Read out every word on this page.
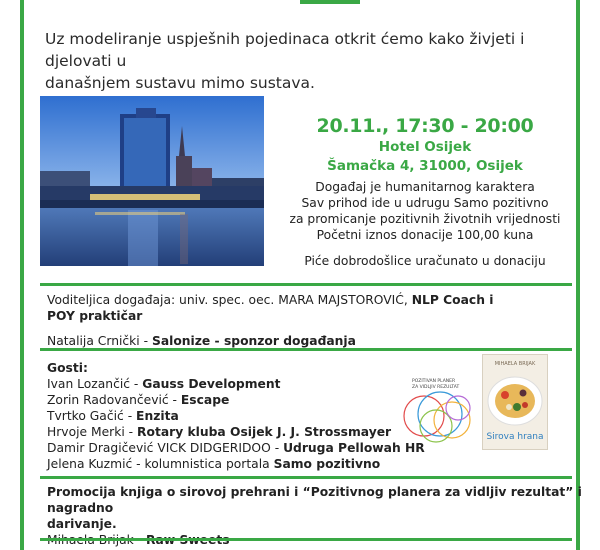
Uz modeliranje uspješnih pojedinaca otkrit ćemo kako živjeti i djelovati u
današnjem sustavu mimo sustava.
20.11., 17:30 - 20:00
Hotel Osijek
Šamačka 4, 31000, Osijek
Događaj je humanitarnog karaktera
Sav prihod ide u udrugu Samo pozitivno
za promicanje pozitivnih životnih vrijednosti
Početni iznos donacije 100,00 kuna
Piće dobrodošlice uračunato u donaciju
Voditeljica događaja: univ. spec. oec. MARA MAJSTOROVIĆ, NLP Coach i
POY praktičar
Natalija Crnički - Salonize - sponzor događanja
Gosti:
Ivan Lozančić - Gauss Development
Zorin Radovančević - Escape
Tvrtko Gačić - Enzita
Hrvoje Merki - Rotary kluba Osijek J. J. Strossmayer
Damir Dragičević VICK DIDGERIDOO - Udruga Pellowah HR
Jelena Kuzmić - kolumnistica portala Samo pozitivno
POZITIVAN PLANER
ZA VIDLJIV REZULTAT
MIHAELA BRIJAK
Sirova hrana
Promocija knjiga o sirovoj prehrani i “Pozitivnog planera za vidljiv rezultat” i nagradno
darivanje.
